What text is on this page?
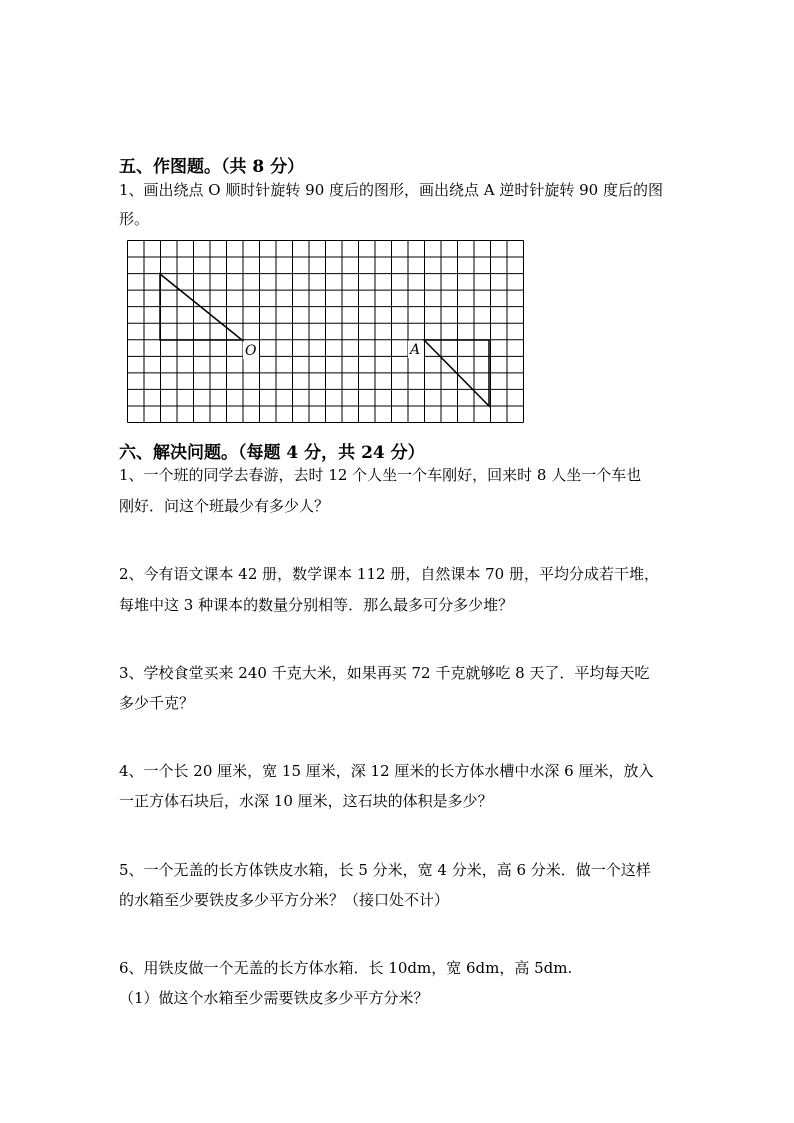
五、作图题。（共 8 分）
1、画出绕点 O 顺时针旋转 90 度后的图形，画出绕点 A 逆时针旋转 90 度后的图
形。
O	A
六、解决问题。（每题 4 分，共 24 分）
1、一个班的同学去春游，去时 12 个人坐一个车刚好，回来时 8 人坐一个车也
刚好．问这个班最少有多少人？
2、今有语文课本 42 册，数学课本 112 册，自然课本 70 册，平均分成若干堆，
每堆中这 3 种课本的数量分别相等．那么最多可分多少堆？
3、学校食堂买来 240 千克大米，如果再买 72 千克就够吃 8 天了．平均每天吃
多少千克？
4、一个长 20 厘米，宽 15 厘米，深 12 厘米的长方体水槽中水深 6 厘米，放入
一正方体石块后，水深 10 厘米，这石块的体积是多少？
5、一个无盖的长方体铁皮水箱，长 5 分米，宽 4 分米，高 6 分米．做一个这样
的水箱至少要铁皮多少平方分米？（接口处不计）
6、用铁皮做一个无盖的长方体水箱．长 10dm，宽 6dm，高 5dm.
（1）做这个水箱至少需要铁皮多少平方分米？
